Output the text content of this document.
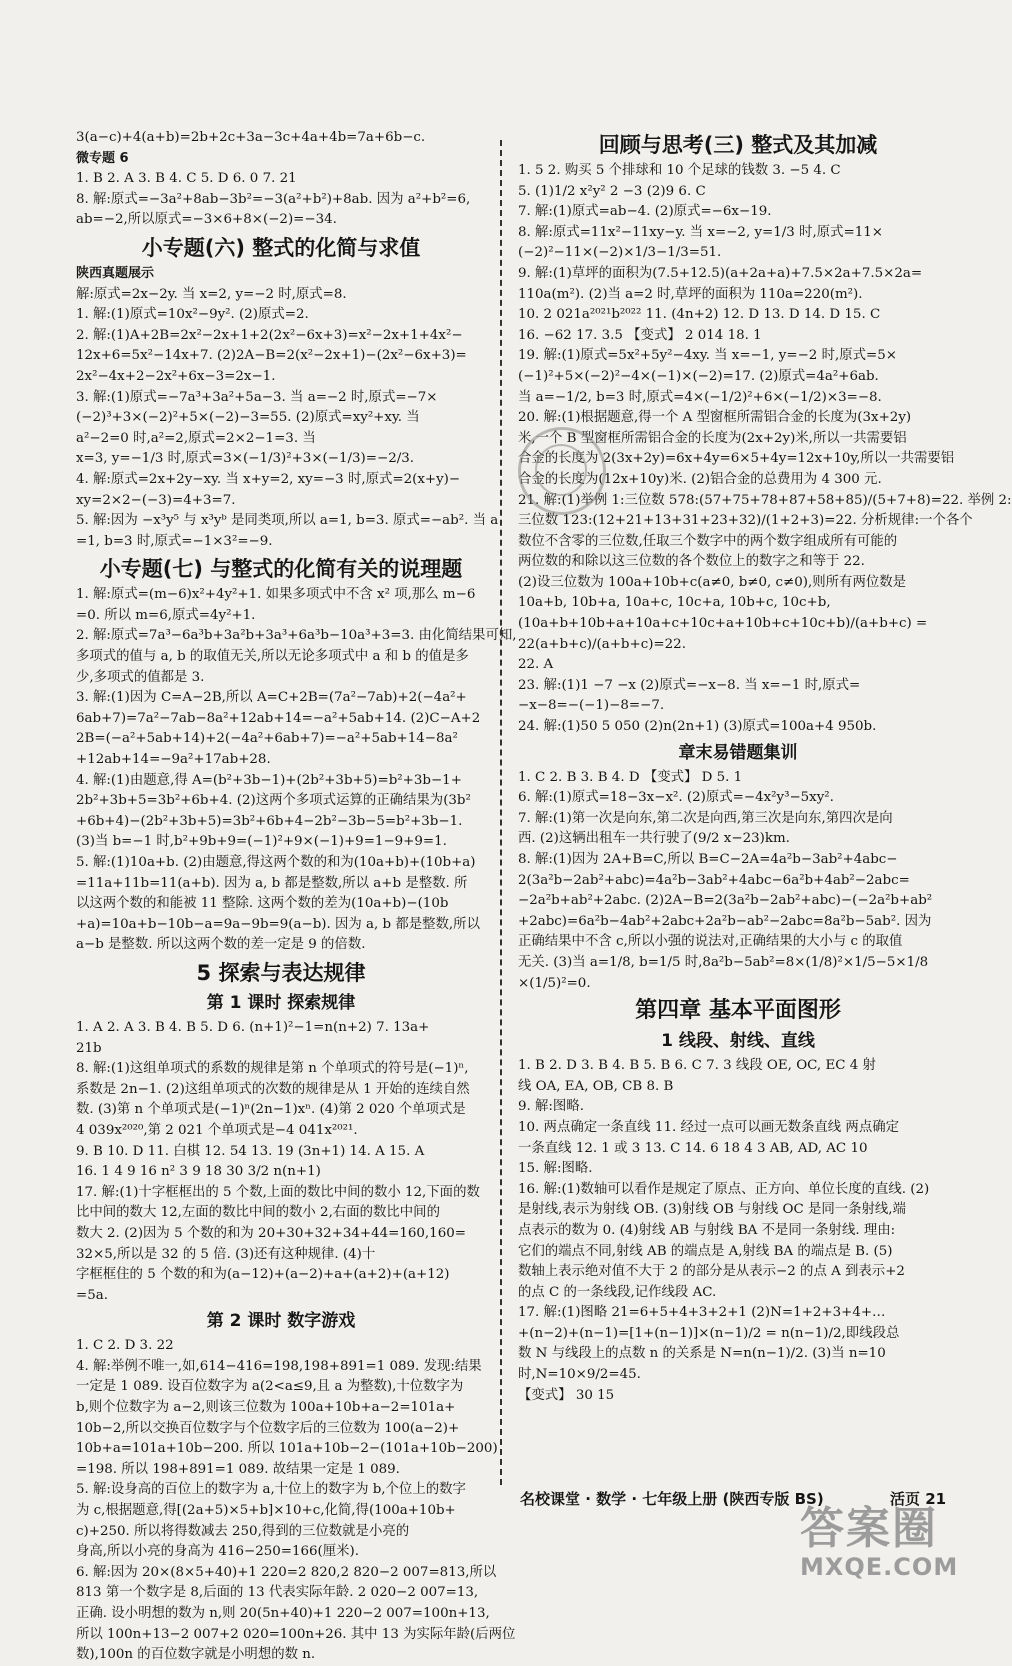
3(a−c)+4(a+b)=2b+2c+3a−3c+4a+4b=7a+6b−c.
微专题 6
1. B 2. A 3. B 4. C 5. D 6. 0 7. 21
8. 解:原式=−3a²+8ab−3b²=−3(a²+b²)+8ab. 因为 a²+b²=6,
ab=−2,所以原式=−3×6+8×(−2)=−34.
小专题(六) 整式的化简与求值
陕西真题展示
解:原式=2x−2y. 当 x=2, y=−2 时,原式=8.
1. 解:(1)原式=10x²−9y². (2)原式=2.
2. 解:(1)A+2B=2x²−2x+1+2(2x²−6x+3)=x²−2x+1+4x²−
12x+6=5x²−14x+7. (2)2A−B=2(x²−2x+1)−(2x²−6x+3)=
2x²−4x+2−2x²+6x−3=2x−1.
3. 解:(1)原式=−7a³+3a²+5a−3. 当 a=−2 时,原式=−7×
(−2)³+3×(−2)²+5×(−2)−3=55. (2)原式=xy²+xy. 当
a²−2=0 时,a²=2,原式=2×2−1=3. 当
x=3, y=−1/3 时,原式=3×(−1/3)²+3×(−1/3)=−2/3.
4. 解:原式=2x+2y−xy. 当 x+y=2, xy=−3 时,原式=2(x+y)−
xy=2×2−(−3)=4+3=7.
5. 解:因为 −x³y⁵ 与 x³yᵇ 是同类项,所以 a=1, b=3. 原式=−ab². 当 a
=1, b=3 时,原式=−1×3²=−9.
小专题(七) 与整式的化简有关的说理题
1. 解:原式=(m−6)x²+4y²+1. 如果多项式中不含 x² 项,那么 m−6
=0. 所以 m=6,原式=4y²+1.
2. 解:原式=7a³−6a³b+3a²b+3a³+6a³b−10a³+3=3. 由化简结果可知,
多项式的值与 a, b 的取值无关,所以无论多项式中 a 和 b 的值是多
少,多项式的值都是 3.
3. 解:(1)因为 C=A−2B,所以 A=C+2B=(7a²−7ab)+2(−4a²+
6ab+7)=7a²−7ab−8a²+12ab+14=−a²+5ab+14. (2)C−A+2
2B=(−a²+5ab+14)+2(−4a²+6ab+7)=−a²+5ab+14−8a²
+12ab+14=−9a²+17ab+28.
4. 解:(1)由题意,得 A=(b²+3b−1)+(2b²+3b+5)=b²+3b−1+
2b²+3b+5=3b²+6b+4. (2)这两个多项式运算的正确结果为(3b²
+6b+4)−(2b²+3b+5)=3b²+6b+4−2b²−3b−5=b²+3b−1.
(3)当 b=−1 时,b²+9b+9=(−1)²+9×(−1)+9=1−9+9=1.
5. 解:(1)10a+b. (2)由题意,得这两个数的和为(10a+b)+(10b+a)
=11a+11b=11(a+b). 因为 a, b 都是整数,所以 a+b 是整数. 所
以这两个数的和能被 11 整除. 这两个数的差为(10a+b)−(10b
+a)=10a+b−10b−a=9a−9b=9(a−b). 因为 a, b 都是整数,所以
a−b 是整数. 所以这两个数的差一定是 9 的倍数.
5 探索与表达规律
第 1 课时 探索规律
1. A 2. A 3. B 4. B 5. D 6. (n+1)²−1=n(n+2) 7. 13a+
21b
8. 解:(1)这组单项式的系数的规律是第 n 个单项式的符号是(−1)ⁿ,
系数是 2n−1. (2)这组单项式的次数的规律是从 1 开始的连续自然
数. (3)第 n 个单项式是(−1)ⁿ(2n−1)xⁿ. (4)第 2 020 个单项式是
4 039x²⁰²⁰,第 2 021 个单项式是−4 041x²⁰²¹.
9. B 10. D 11. 白棋 12. 54 13. 19 (3n+1) 14. A 15. A
16. 1 4 9 16 n² 3 9 18 30 3/2 n(n+1)
17. 解:(1)十字框框出的 5 个数,上面的数比中间的数小 12,下面的数
比中间的数大 12,左面的数比中间的数小 2,右面的数比中间的
数大 2. (2)因为 5 个数的和为 20+30+32+34+44=160,160=
32×5,所以是 32 的 5 倍. (3)还有这种规律. (4)十
字框框住的 5 个数的和为(a−12)+(a−2)+a+(a+2)+(a+12)
=5a.
第 2 课时 数字游戏
1. C 2. D 3. 22
4. 解:举例不唯一,如,614−416=198,198+891=1 089. 发现:结果
一定是 1 089. 设百位数字为 a(2<a≤9,且 a 为整数),十位数字为
b,则个位数字为 a−2,则该三位数为 100a+10b+a−2=101a+
10b−2,所以交换百位数字与个位数字后的三位数为 100(a−2)+
10b+a=101a+10b−200. 所以 101a+10b−2−(101a+10b−200)
=198. 所以 198+891=1 089. 故结果一定是 1 089.
5. 解:设身高的百位上的数字为 a,十位上的数字为 b,个位上的数字
为 c,根据题意,得[(2a+5)×5+b]×10+c,化简,得(100a+10b+
c)+250. 所以将得数减去 250,得到的三位数就是小亮的
身高,所以小亮的身高为 416−250=166(厘米).
6. 解:因为 20×(8×5+40)+1 220=2 820,2 820−2 007=813,所以
813 第一个数字是 8,后面的 13 代表实际年龄. 2 020−2 007=13,
正确. 设小明想的数为 n,则 20(5n+40)+1 220−2 007=100n+13,
所以 100n+13−2 007+2 020=100n+26. 其中 13 为实际年龄(后两位
数),100n 的百位数字就是小明想的数 n.
回顾与思考(三) 整式及其加减
1. 5 2. 购买 5 个排球和 10 个足球的钱数 3. −5 4. C
5. (1)1/2 x²y² 2 −3 (2)9 6. C
7. 解:(1)原式=ab−4. (2)原式=−6x−19.
8. 解:原式=11x²−11xy−y. 当 x=−2, y=1/3 时,原式=11×
(−2)²−11×(−2)×1/3−1/3=51.
9. 解:(1)草坪的面积为(7.5+12.5)(a+2a+a)+7.5×2a+7.5×2a=
110a(m²). (2)当 a=2 时,草坪的面积为 110a=220(m²).
10. 2 021a²⁰²¹b²⁰²² 11. (4n+2) 12. D 13. D 14. D 15. C
16. −62 17. 3.5 【变式】 2 014 18. 1
19. 解:(1)原式=5x²+5y²−4xy. 当 x=−1, y=−2 时,原式=5×
(−1)²+5×(−2)²−4×(−1)×(−2)=17. (2)原式=4a²+6ab.
当 a=−1/2, b=3 时,原式=4×(−1/2)²+6×(−1/2)×3=−8.
20. 解:(1)根据题意,得一个 A 型窗框所需铝合金的长度为(3x+2y)
米,一个 B 型窗框所需铝合金的长度为(2x+2y)米,所以一共需要铝
合金的长度为 2(3x+2y)=6x+4y=6×5+4y=12x+10y,所以一共需要铝
合金的长度为(12x+10y)米. (2)铝合金的总费用为 4 300 元.
21. 解:(1)举例 1:三位数 578:(57+75+78+87+58+85)/(5+7+8)=22. 举例 2:
三位数 123:(12+21+13+31+23+32)/(1+2+3)=22. 分析规律:一个各个
数位不含零的三位数,任取三个数字中的两个数字组成所有可能的
两位数的和除以这三位数的各个数位上的数字之和等于 22.
(2)设三位数为 100a+10b+c(a≠0, b≠0, c≠0),则所有两位数是
10a+b, 10b+a, 10a+c, 10c+a, 10b+c, 10c+b,
(10a+b+10b+a+10a+c+10c+a+10b+c+10c+b)/(a+b+c) =
22(a+b+c)/(a+b+c)=22.
22. A
23. 解:(1)1 −7 −x (2)原式=−x−8. 当 x=−1 时,原式=
−x−8=−(−1)−8=−7.
24. 解:(1)50 5 050 (2)n(2n+1) (3)原式=100a+4 950b.
章末易错题集训
1. C 2. B 3. B 4. D 【变式】 D 5. 1
6. 解:(1)原式=18−3x−x². (2)原式=−4x²y³−5xy².
7. 解:(1)第一次是向东,第二次是向西,第三次是向东,第四次是向
西. (2)这辆出租车一共行驶了(9/2 x−23)km.
8. 解:(1)因为 2A+B=C,所以 B=C−2A=4a²b−3ab²+4abc−
2(3a²b−2ab²+abc)=4a²b−3ab²+4abc−6a²b+4ab²−2abc=
−2a²b+ab²+2abc. (2)2A−B=2(3a²b−2ab²+abc)−(−2a²b+ab²
+2abc)=6a²b−4ab²+2abc+2a²b−ab²−2abc=8a²b−5ab². 因为
正确结果中不含 c,所以小强的说法对,正确结果的大小与 c 的取值
无关. (3)当 a=1/8, b=1/5 时,8a²b−5ab²=8×(1/8)²×1/5−5×1/8
×(1/5)²=0.
第四章 基本平面图形
1 线段、射线、直线
1. B 2. D 3. B 4. B 5. B 6. C 7. 3 线段 OE, OC, EC 4 射
线 OA, EA, OB, CB 8. B
9. 解:图略.
10. 两点确定一条直线 11. 经过一点可以画无数条直线 两点确定
一条直线 12. 1 或 3 13. C 14. 6 18 4 3 AB, AD, AC 10
15. 解:图略.
16. 解:(1)数轴可以看作是规定了原点、正方向、单位长度的直线. (2)
是射线,表示为射线 OB. (3)射线 OB 与射线 OC 是同一条射线,端
点表示的数为 0. (4)射线 AB 与射线 BA 不是同一条射线. 理由:
它们的端点不同,射线 AB 的端点是 A,射线 BA 的端点是 B. (5)
数轴上表示绝对值不大于 2 的部分是从表示−2 的点 A 到表示+2
的点 C 的一条线段,记作线段 AC.
17. 解:(1)图略 21=6+5+4+3+2+1 (2)N=1+2+3+4+…
+(n−2)+(n−1)=[1+(n−1)]×(n−1)/2 = n(n−1)/2,即线段总
数 N 与线段上的点数 n 的关系是 N=n(n−1)/2. (3)当 n=10
时,N=10×9/2=45.
【变式】 30 15
名校课堂 · 数学 · 七年级上册 (陕西专版 BS)	活页 21
答案圈
MXQE.COM
